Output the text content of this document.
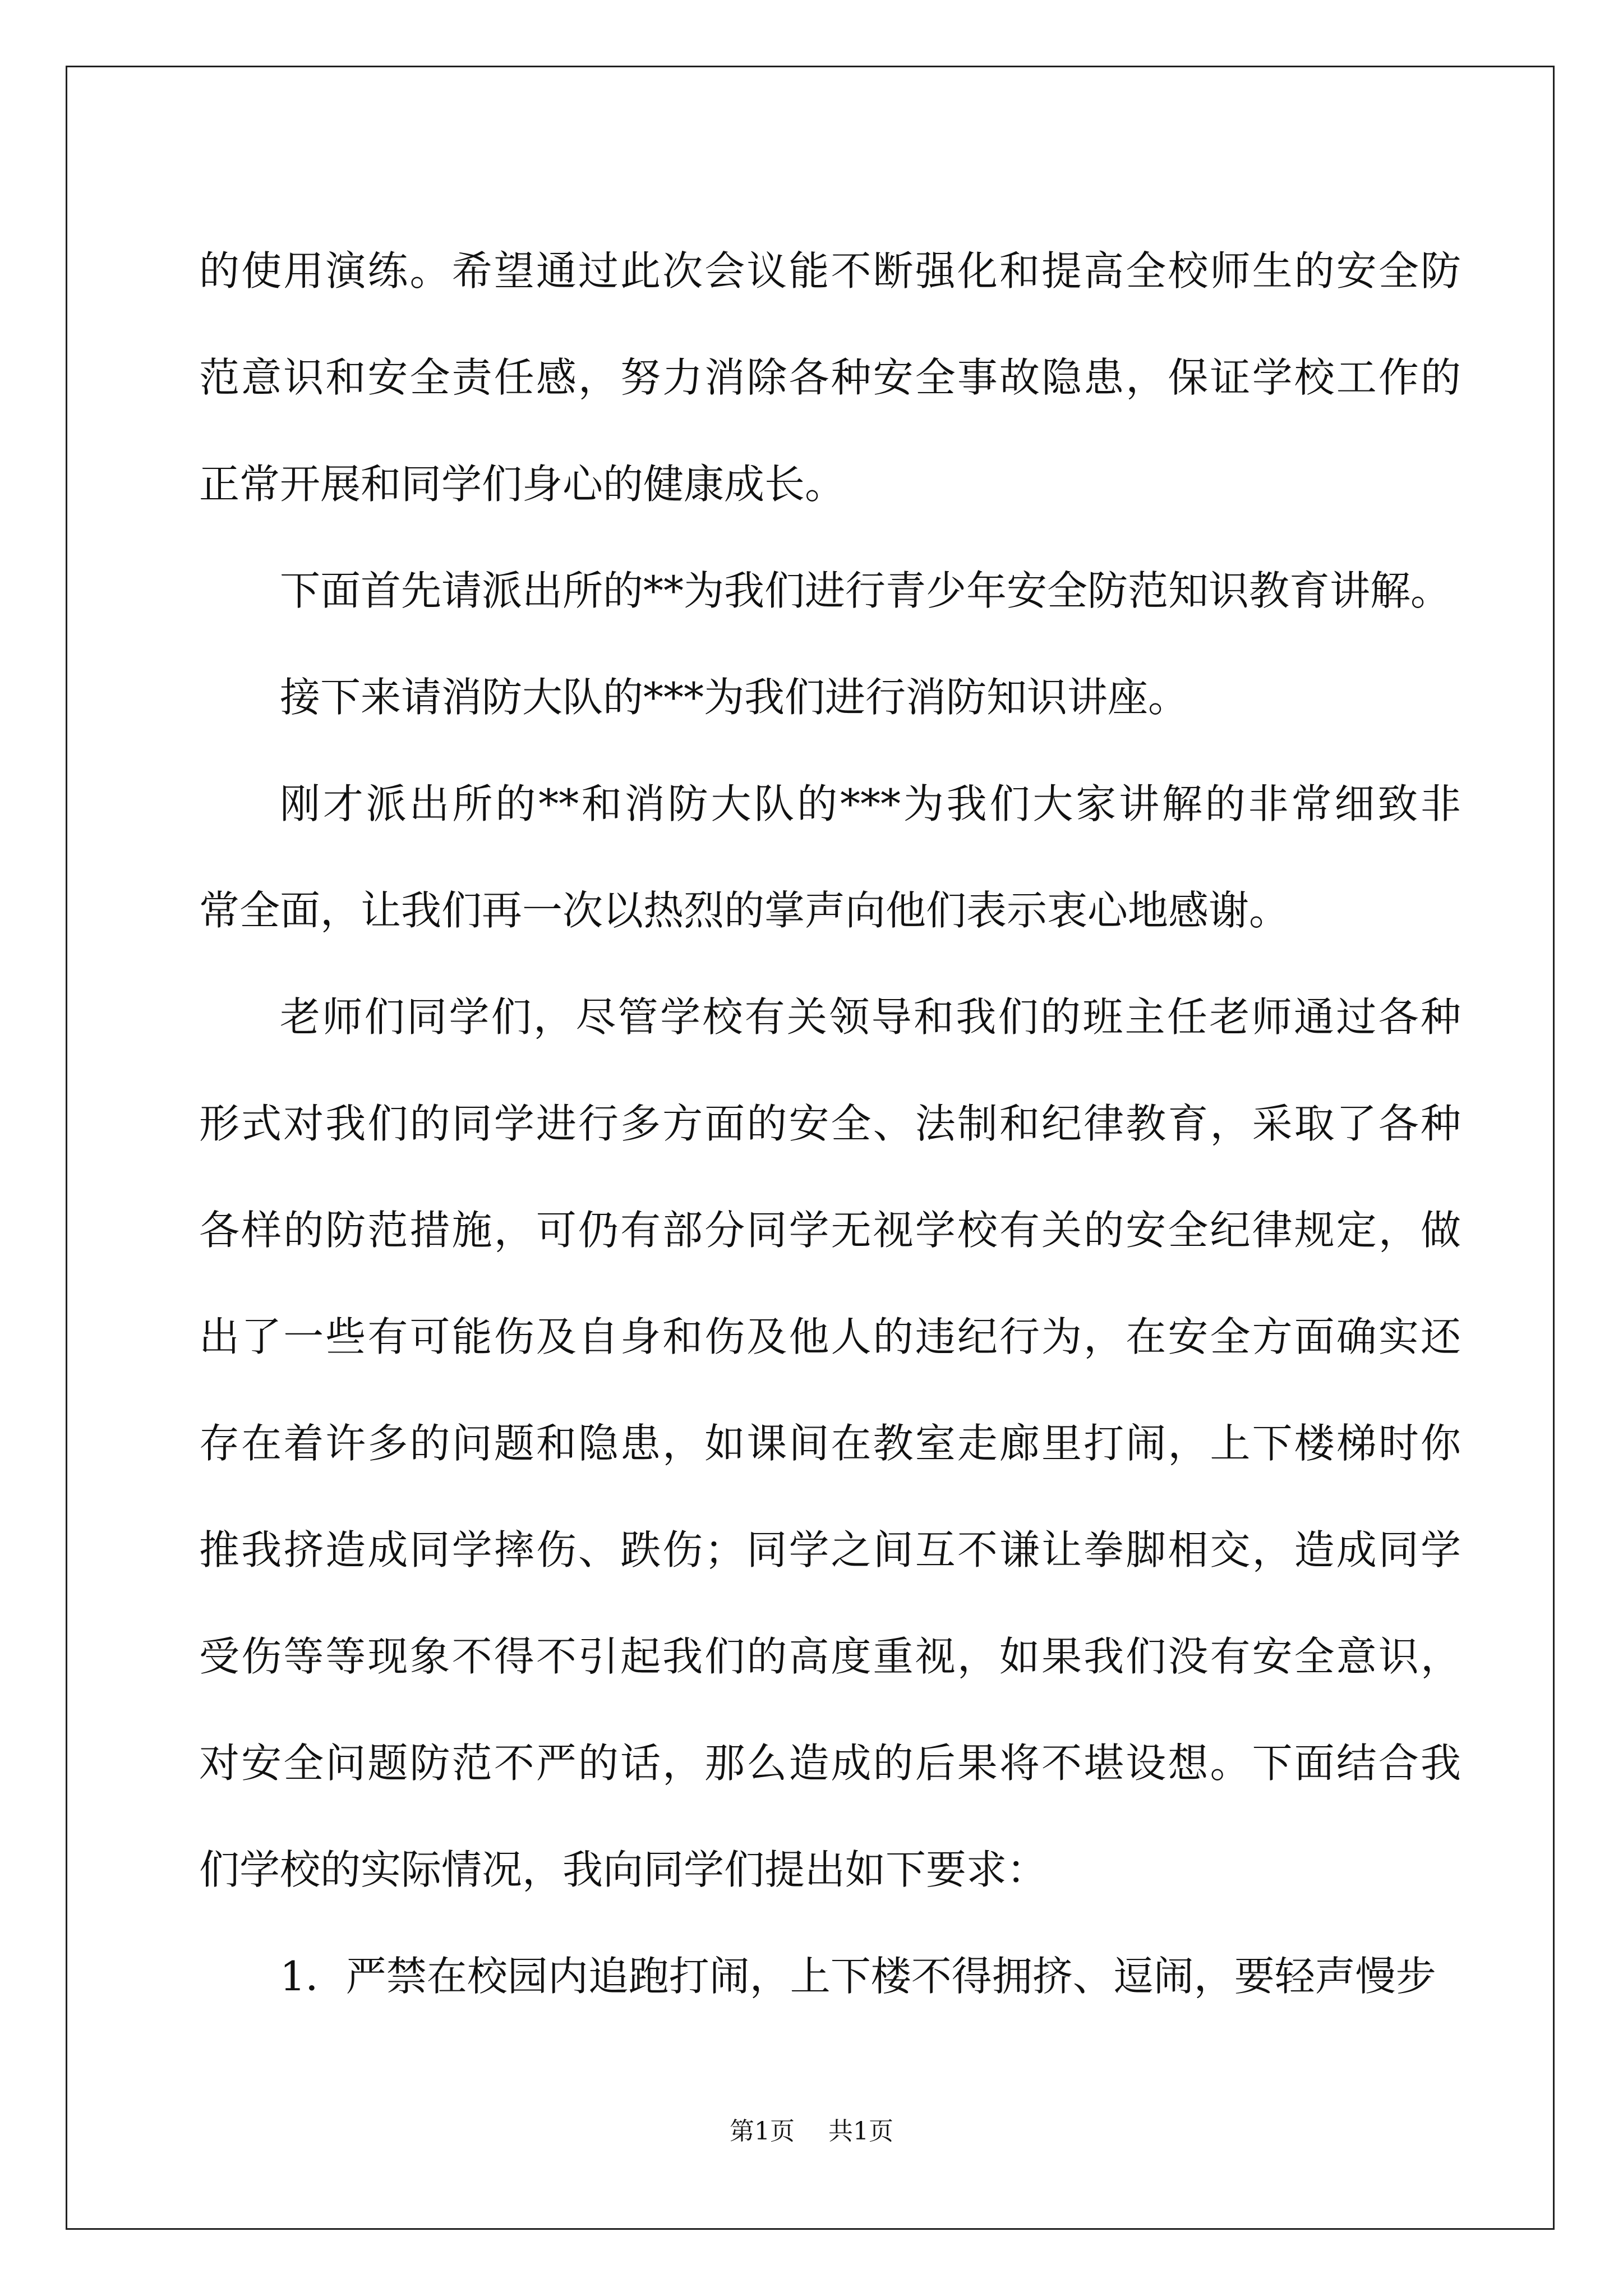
的使用演练。希望通过此次会议能不断强化和提高全校师生的安全防
范意识和安全责任感，努力消除各种安全事故隐患，保证学校工作的
正常开展和同学们身心的健康成长。
下面首先请派出所的**为我们进行青少年安全防范知识教育讲解。
接下来请消防大队的***为我们进行消防知识讲座。
刚才派出所的**和消防大队的***为我们大家讲解的非常细致非
常全面，让我们再一次以热烈的掌声向他们表示衷心地感谢。
老师们同学们，尽管学校有关领导和我们的班主任老师通过各种
形式对我们的同学进行多方面的安全、法制和纪律教育，采取了各种
各样的防范措施，可仍有部分同学无视学校有关的安全纪律规定，做
出了一些有可能伤及自身和伤及他人的违纪行为，在安全方面确实还
存在着许多的问题和隐患，如课间在教室走廊里打闹，上下楼梯时你
推我挤造成同学摔伤、跌伤；同学之间互不谦让拳脚相交，造成同学
受伤等等现象不得不引起我们的高度重视，如果我们没有安全意识，
对安全问题防范不严的话，那么造成的后果将不堪设想。下面结合我
们学校的实际情况，我向同学们提出如下要求：
1．严禁在校园内追跑打闹，上下楼不得拥挤、逗闹，要轻声慢步
第1页 共1页
